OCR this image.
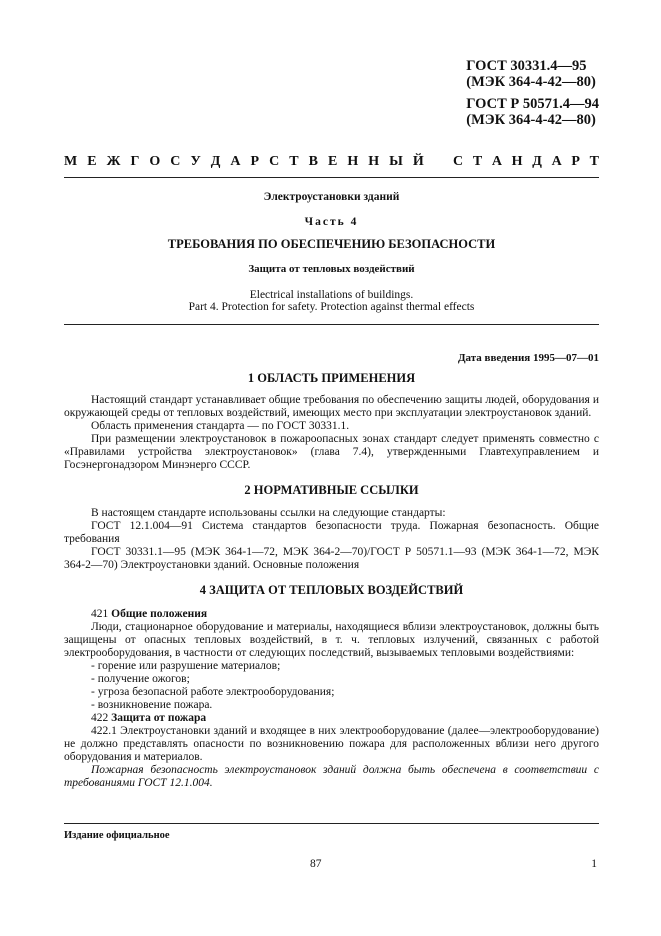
ГОСТ 30331.4—95
(МЭК 364-4-42—80)
ГОСТ Р 50571.4—94
(МЭК 364-4-42—80)
М Е Ж Г О С У Д А Р С Т В Е Н Н Ы Й С Т А Н Д А Р Т
Электроустановки зданий
Часть 4
ТРЕБОВАНИЯ ПО ОБЕСПЕЧЕНИЮ БЕЗОПАСНОСТИ
Защита от тепловых воздействий
Electrical installations of buildings.
Part 4. Protection for safety. Protection against thermal effects
Дата введения 1995—07—01
1 ОБЛАСТЬ ПРИМЕНЕНИЯ

Настоящий стандарт устанавливает общие требования по обеспечению защиты людей, оборудования и окружающей среды от тепловых воздействий, имеющих место при эксплуатации электроустановок зданий.

Область применения стандарта — по ГОСТ 30331.1.

При размещении электроустановок в пожароопасных зонах стандарт следует применять совместно с «Правилами устройства электроустановок» (глава 7.4), утвержденными Главтехуправлением и Госэнергонадзором Минэнерго СССР.

2 НОРМАТИВНЫЕ ССЫЛКИ

В настоящем стандарте использованы ссылки на следующие стандарты:

ГОСТ 12.1.004—91 Система стандартов безопасности труда. Пожарная безопасность. Общие требования

ГОСТ 30331.1—95 (МЭК 364-1—72, МЭК 364-2—70)/ГОСТ Р 50571.1—93 (МЭК 364-1—72, МЭК 364-2—70) Электроустановки зданий. Основные положения

4 ЗАЩИТА ОТ ТЕПЛОВЫХ ВОЗДЕЙСТВИЙ

421 Общие положения

Люди, стационарное оборудование и материалы, находящиеся вблизи электроустановок, должны быть защищены от опасных тепловых воздействий, в т. ч. тепловых излучений, связанных с работой электрооборудования, в частности от следующих последствий, вызываемых тепловыми воздействиями:

- горение или разрушение материалов;

- получение ожогов;

- угроза безопасной работе электрооборудования;

- возникновение пожара.

422 Защита от пожара

422.1 Электроустановки зданий и входящее в них электрооборудование (далее—электрооборудование) не должно представлять опасности по возникновению пожара для расположенных вблизи него другого оборудования и материалов.

Пожарная безопасность электроустановок зданий должна быть обеспечена в соответствии с требованиями ГОСТ 12.1.004.

Издание официальное
87	1
